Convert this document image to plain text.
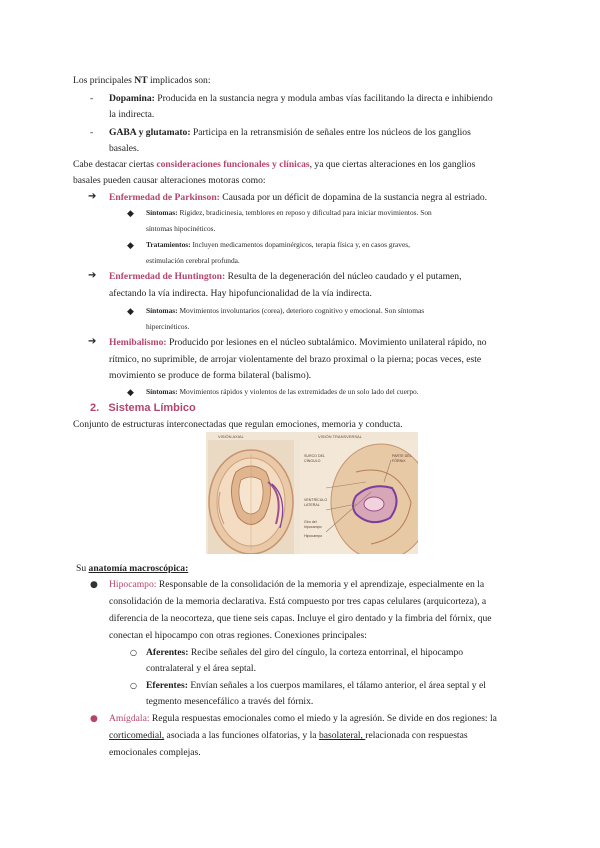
Los principales NT implicados son:
- Dopamina: Producida en la sustancia negra y modula ambas vías facilitando la directa e inhibiendo
la indirecta.
- GABA y glutamato: Participa en la retransmisión de señales entre los núcleos de los ganglios
basales.
Cabe destacar ciertas consideraciones funcionales y clínicas, ya que ciertas alteraciones en los ganglios
basales pueden causar alteraciones motoras como:
➔ Enfermedad de Parkinson: Causada por un déficit de dopamina de la sustancia negra al estriado.
◆ Síntomas: Rigidez, bradicinesia, temblores en reposo y dificultad para iniciar movimientos. Son
síntomas hipocinéticos.
◆ Tratamientos: Incluyen medicamentos dopaminérgicos, terapia física y, en casos graves,
estimulación cerebral profunda.
➔ Enfermedad de Huntington: Resulta de la degeneración del núcleo caudado y el putamen,
afectando la vía indirecta. Hay hipofuncionalidad de la vía indirecta.
◆ Síntomas: Movimientos involuntarios (corea), deterioro cognitivo y emocional. Son síntomas
hipercinéticos.
➔ Hemibalismo: Producido por lesiones en el núcleo subtalámico. Movimiento unilateral rápido, no
rítmico, no suprimible, de arrojar violentamente del brazo proximal o la pierna; pocas veces, este
movimiento se produce de forma bilateral (balismo).
◆ Síntomas: Movimientos rápidos y violentos de las extremidades de un solo lado del cuerpo.
2. Sistema Límbico
Conjunto de estructuras interconectadas que regulan emociones, memoria y conducta.
VISIÓN AXIAL	VISIÓN TRANSVERSAL
SURCO DEL CÍNGULO
PARTE DEL FÓRNIX
VENTRÍCULO LATERAL
Giro del hipocampo
Hipocampo
Su anatomía macroscópica:
● Hipocampo: Responsable de la consolidación de la memoria y el aprendizaje, especialmente en la
consolidación de la memoria declarativa. Está compuesto por tres capas celulares (arquicorteza), a
diferencia de la neocorteza, que tiene seis capas. Incluye el giro dentado y la fimbria del fórnix, que
conectan el hipocampo con otras regiones. Conexiones principales:
○ Aferentes: Recibe señales del giro del cíngulo, la corteza entorrinal, el hipocampo
contralateral y el área septal.
○ Eferentes: Envían señales a los cuerpos mamilares, el tálamo anterior, el área septal y el
tegmento mesencefálico a través del fórnix.
● Amígdala: Regula respuestas emocionales como el miedo y la agresión. Se divide en dos regiones: la
corticomedial, asociada a las funciones olfatorias, y la basolateral, relacionada con respuestas
emocionales complejas.
